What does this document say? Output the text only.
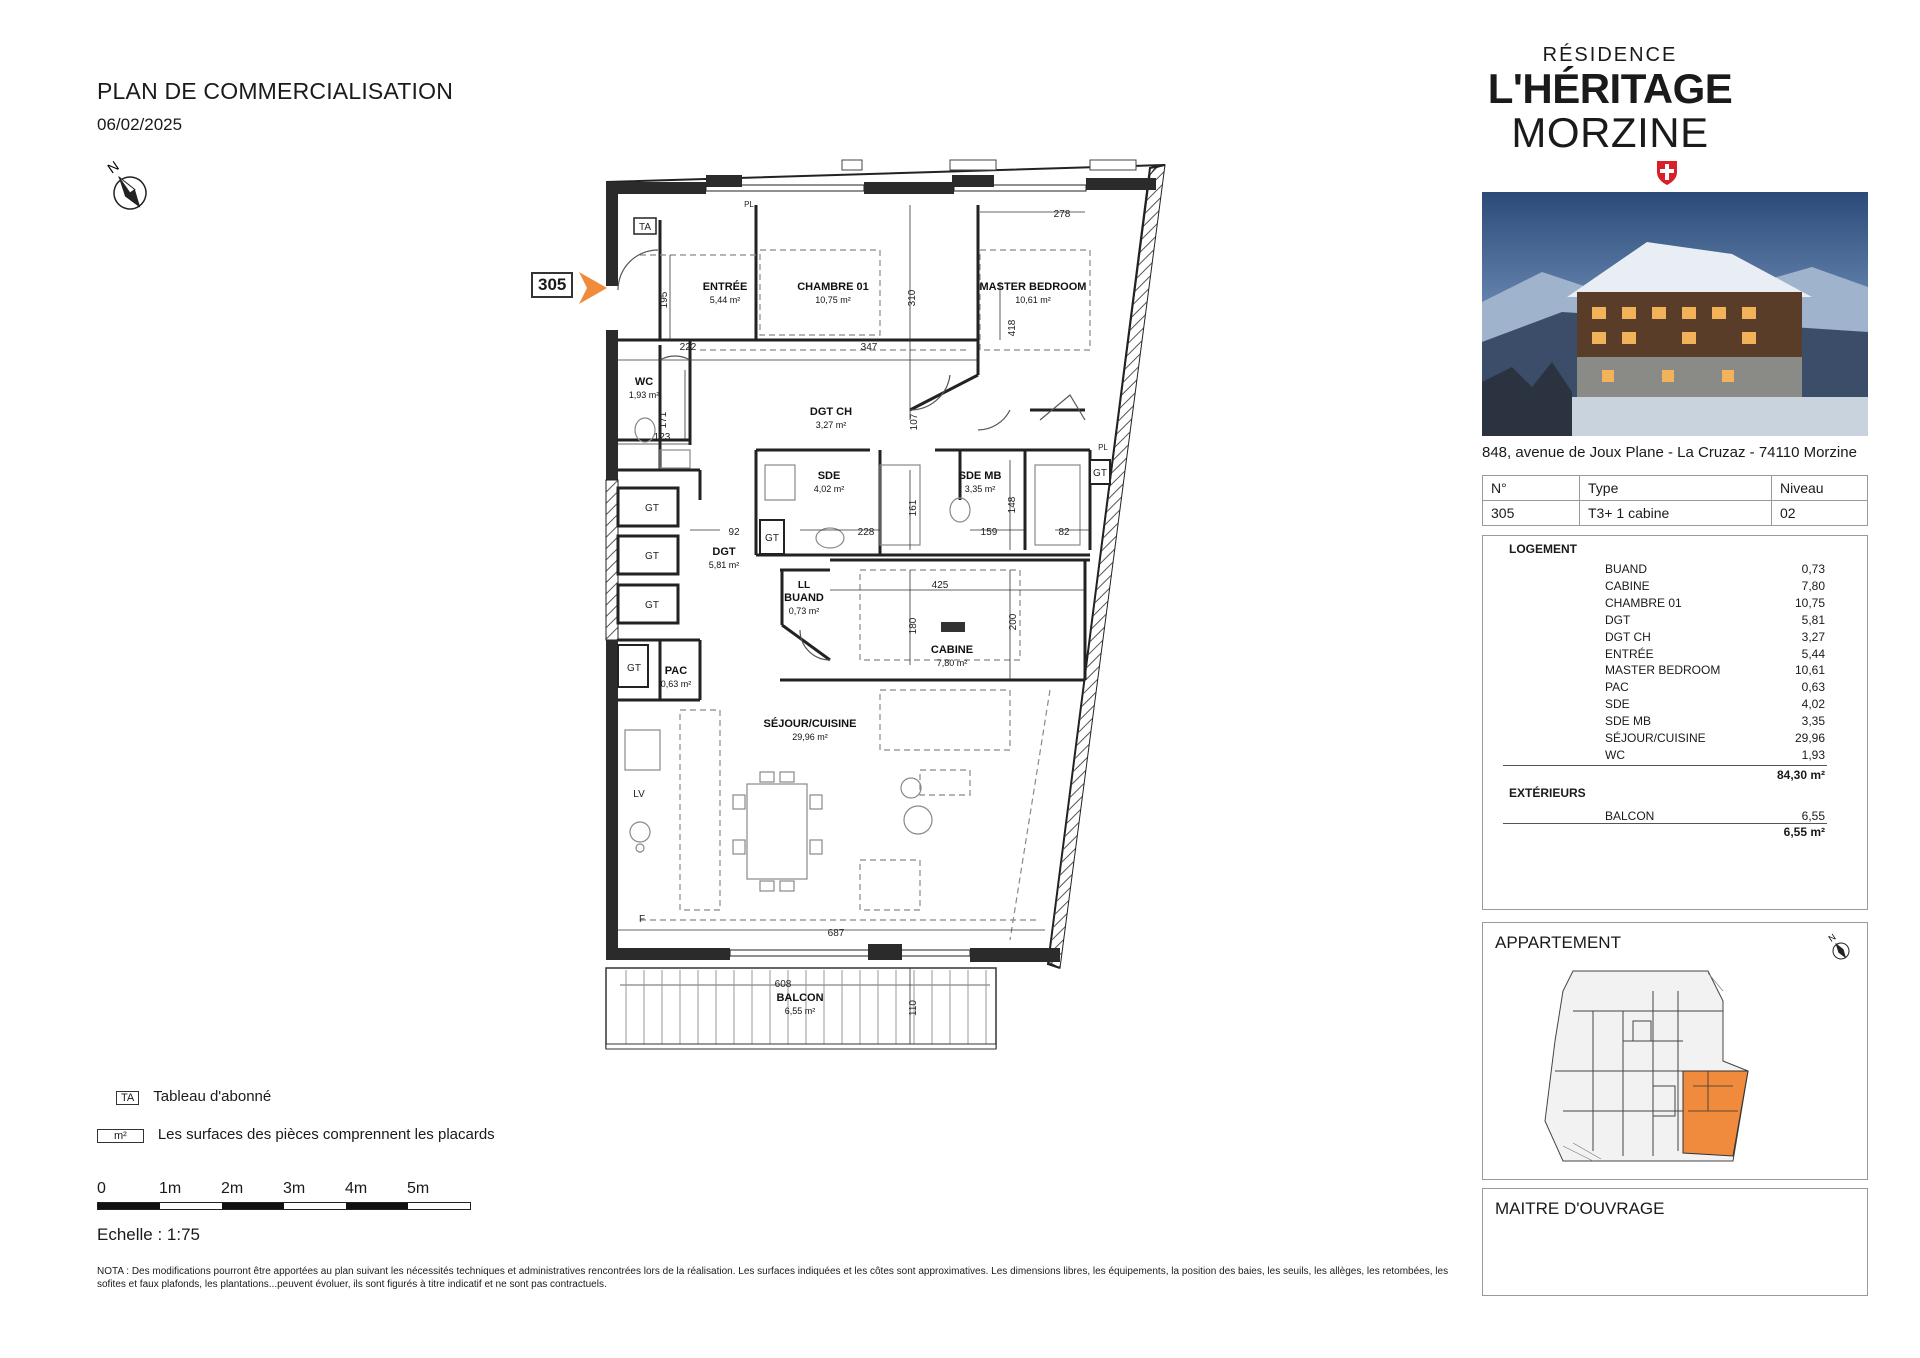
PLAN DE COMMERCIALISATION
06/02/2025
N
RÉSIDENCE
L'HÉRITAGE
MORZINE
848, avenue de Joux Plane - La Cruzaz - 74110 Morzine
N°	Type	Niveau
305	T3+ 1 cabine	02
LOGEMENT
BUAND	0,73
CABINE	7,80
CHAMBRE 01	10,75
DGT	5,81
DGT CH	3,27
ENTRÉE	5,44
MASTER BEDROOM	10,61
PAC	0,63
SDE	4,02
SDE MB	3,35
SÉJOUR/CUISINE	29,96
WC	1,93
84,30 m²
EXTÉRIEURS
BALCON	6,55
6,55 m²
APPARTEMENT	N
MAITRE D'OUVRAGE
305	ENTRÉE
5,44 m²
CHAMBRE 01
10,75 m²
MASTER BEDROOM
10,61 m²
WC
1,93 m²
DGT CH
3,27 m²
SDE
4,02 m²
SDE MB
3,35 m²
DGT
5,81 m²
LL
BUAND
0,73 m²
CABINE
7,80 m²
PAC
0,63 m²
SÉJOUR/CUISINE
29,96 m²
BALCON
6,55 m²
TA
GT
GT
GT
GT
GT
GT
PL
PL
LV
F
278
310
195
418
222	347
171
123
107
92	228
161
159
148
82
425
180	200
687
608
110
TA Tableau d'abonné
m² Les surfaces des pièces comprennent les placards
0	1m 2m 3m 4m 5m
Echelle : 1:75
NOTA : Des modifications pourront être apportées au plan suivant les nécessités techniques et administratives rencontrées lors de la réalisation. Les surfaces indiquées et les côtes sont approximatives. Les dimensions libres, les équipements, la position des baies, les seuils, les allèges, les retombées, les sofites et faux plafonds, les plantations...peuvent évoluer, ils sont figurés à titre indicatif et ne sont pas contractuels.
